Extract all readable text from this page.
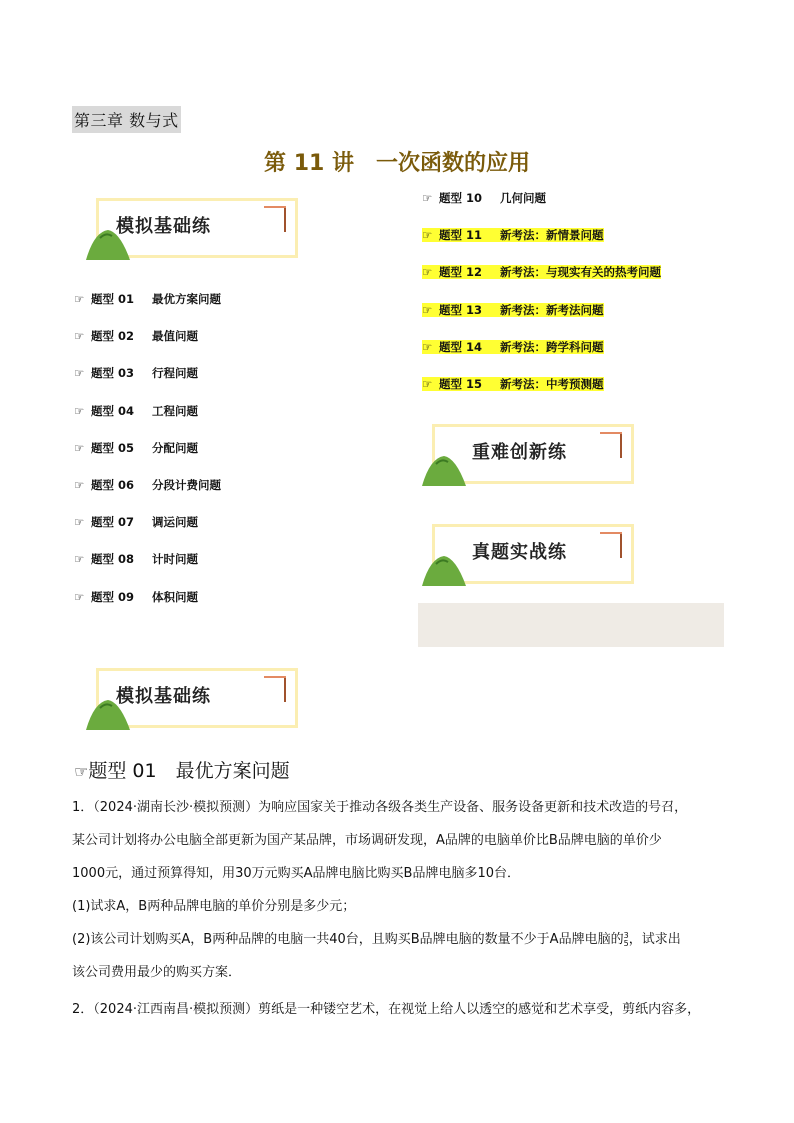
第三章 数与式
第 11 讲　一次函数的应用
模拟基础练
☞ 题型 01 最优方案问题
☞ 题型 02 最值问题
☞ 题型 03 行程问题
☞ 题型 04 工程问题
☞ 题型 05 分配问题
☞ 题型 06 分段计费问题
☞ 题型 07 调运问题
☞ 题型 08 计时问题
☞ 题型 09 体积问题
☞ 题型 10 几何问题
☞ 题型 11 新考法：新情景问题
☞ 题型 12 新考法：与现实有关的热考问题
☞ 题型 13 新考法：新考法问题
☞ 题型 14 新考法：跨学科问题
☞ 题型 15 新考法：中考预测题
重难创新练
真题实战练
模拟基础练
☞题型 01　 最优方案问题
1．（2024·湖南长沙·模拟预测）为响应国家关于推动各级各类生产设备、服务设备更新和技术改造的号召，
某公司计划将办公电脑全部更新为国产某品牌，市场调研发现，A品牌的电脑单价比B品牌电脑的单价少
1000元，通过预算得知，用30万元购买A品牌电脑比购买B品牌电脑多10台．
(1)试求A，B两种品牌电脑的单价分别是多少元；
(2)该公司计划购买A，B两种品牌的电脑一共40台，且购买B品牌电脑的数量不少于A品牌电脑的 3
5 ，试求出
该公司费用最少的购买方案．
2．（2024·江西南昌·模拟预测）剪纸是一种镂空艺术，在视觉上给人以透空的感觉和艺术享受，剪纸内容多，
